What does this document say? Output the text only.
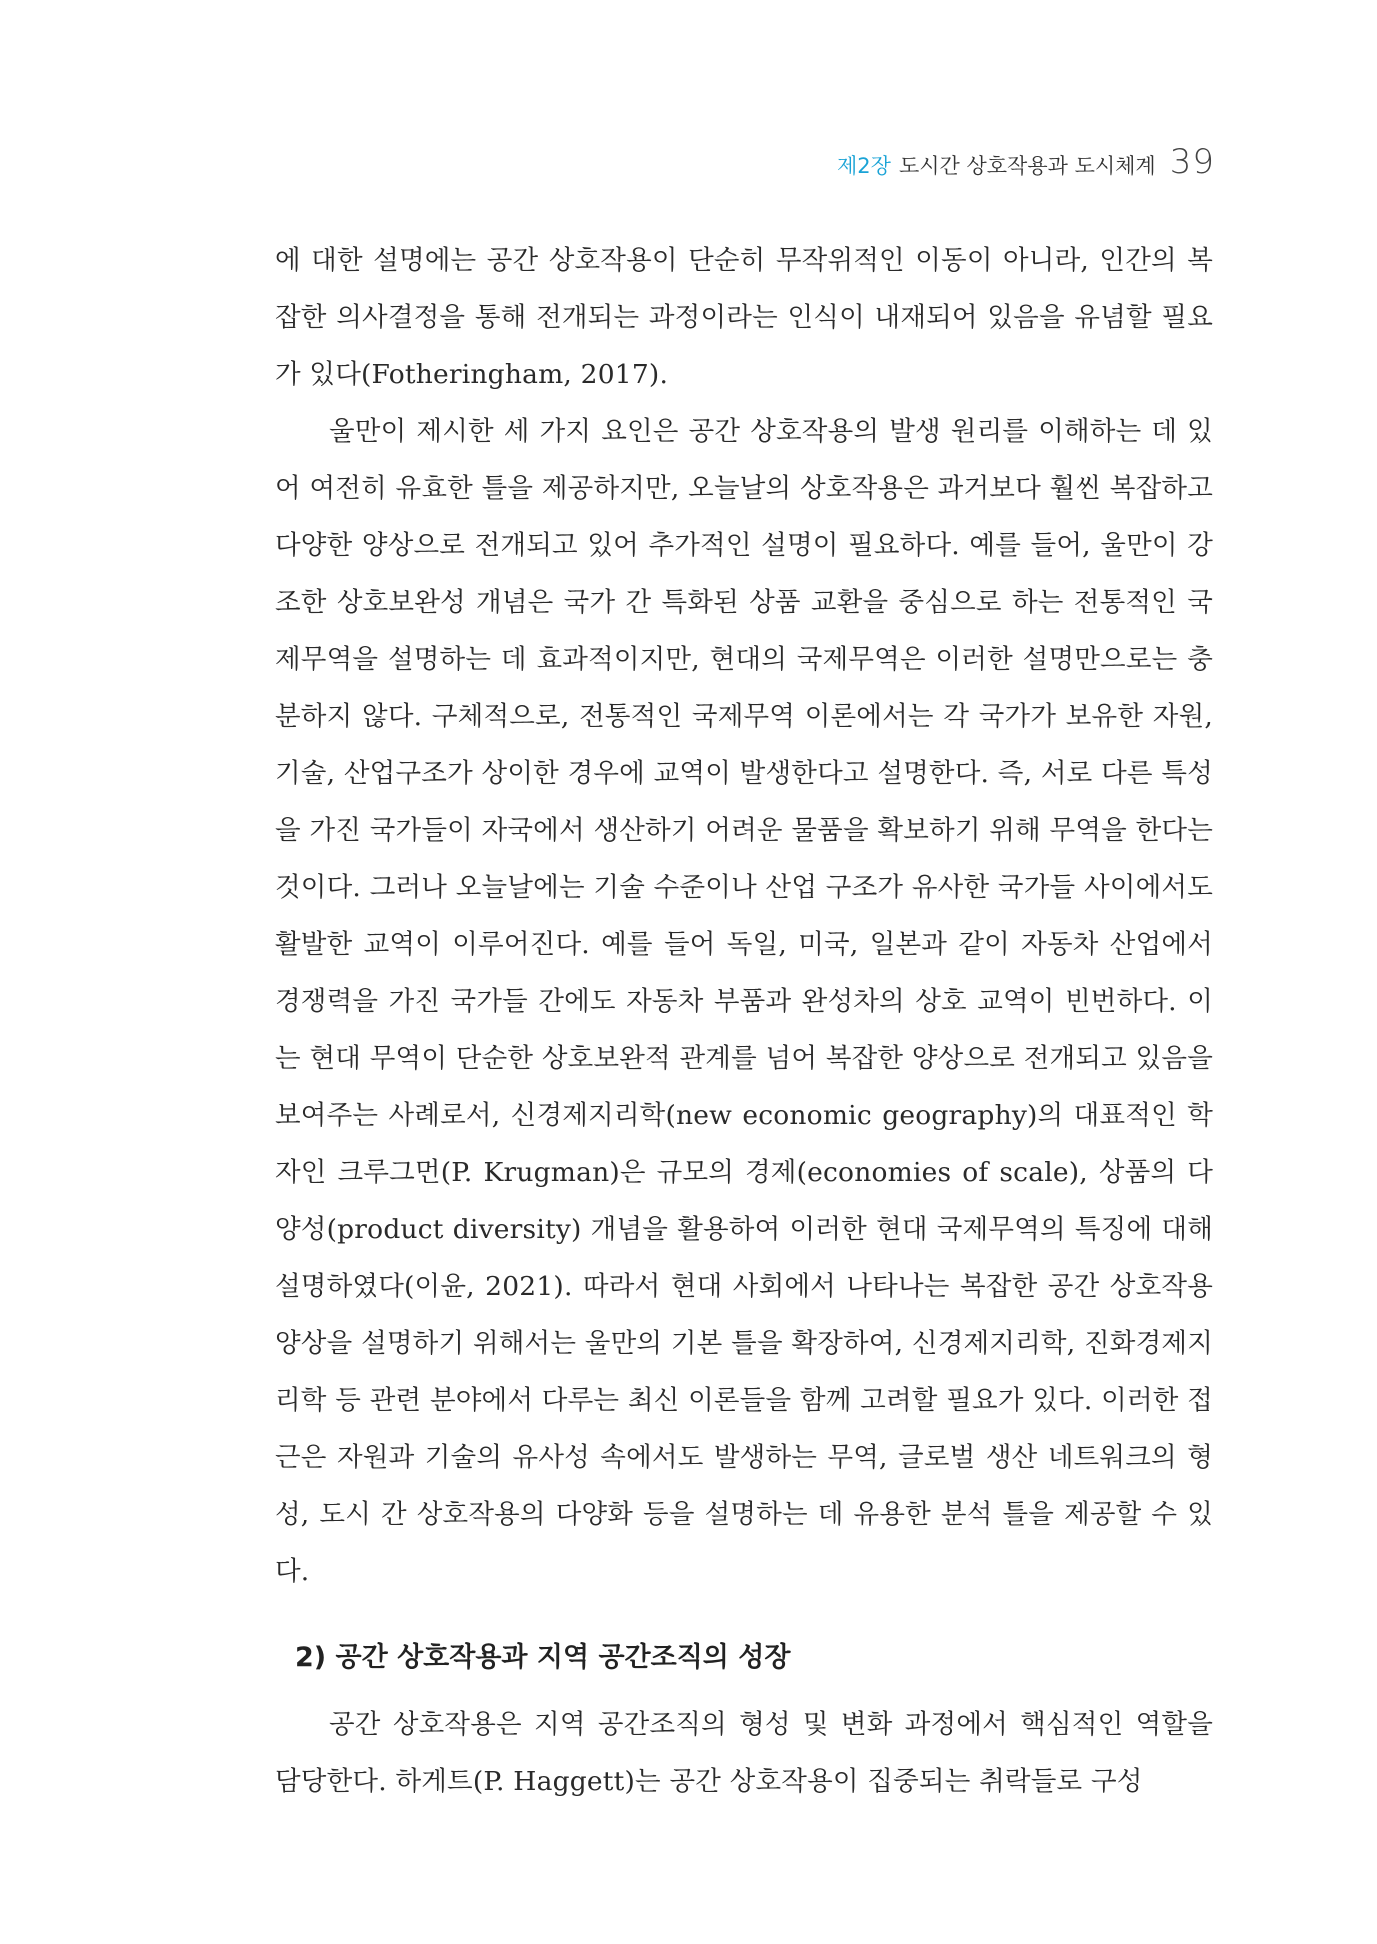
제2장 도시간 상호작용과 도시체계 39

에 대한 설명에는 공간 상호작용이 단순히 무작위적인 이동이 아니라, 인간의 복잡한 의사결정을 통해 전개되는 과정이라는 인식이 내재되어 있음을 유념할 필요가 있다(Fotheringham, 2017).

울만이 제시한 세 가지 요인은 공간 상호작용의 발생 원리를 이해하는 데 있어 여전히 유효한 틀을 제공하지만, 오늘날의 상호작용은 과거보다 훨씬 복잡하고 다양한 양상으로 전개되고 있어 추가적인 설명이 필요하다. 예를 들어, 울만이 강조한 상호보완성 개념은 국가 간 특화된 상품 교환을 중심으로 하는 전통적인 국제무역을 설명하는 데 효과적이지만, 현대의 국제무역은 이러한 설명만으로는 충분하지 않다. 구체적으로, 전통적인 국제무역 이론에서는 각 국가가 보유한 자원, 기술, 산업구조가 상이한 경우에 교역이 발생한다고 설명한다. 즉, 서로 다른 특성을 가진 국가들이 자국에서 생산하기 어려운 물품을 확보하기 위해 무역을 한다는 것이다. 그러나 오늘날에는 기술 수준이나 산업 구조가 유사한 국가들 사이에서도 활발한 교역이 이루어진다. 예를 들어 독일, 미국, 일본과 같이 자동차 산업에서 경쟁력을 가진 국가들 간에도 자동차 부품과 완성차의 상호 교역이 빈번하다. 이는 현대 무역이 단순한 상호보완적 관계를 넘어 복잡한 양상으로 전개되고 있음을 보여주는 사례로서, 신경제지리학(new economic geography)의 대표적인 학자인 크루그먼(P. Krugman)은 규모의 경제(economies of scale), 상품의 다양성(product diversity) 개념을 활용하여 이러한 현대 국제무역의 특징에 대해 설명하였다(이윤, 2021). 따라서 현대 사회에서 나타나는 복잡한 공간 상호작용 양상을 설명하기 위해서는 울만의 기본 틀을 확장하여, 신경제지리학, 진화경제지리학 등 관련 분야에서 다루는 최신 이론들을 함께 고려할 필요가 있다. 이러한 접근은 자원과 기술의 유사성 속에서도 발생하는 무역, 글로벌 생산 네트워크의 형성, 도시 간 상호작용의 다양화 등을 설명하는 데 유용한 분석 틀을 제공할 수 있다.

2) 공간 상호작용과 지역 공간조직의 성장

공간 상호작용은 지역 공간조직의 형성 및 변화 과정에서 핵심적인 역할을 담당한다. 하게트(P. Haggett)는 공간 상호작용이 집중되는 취락들로 구성
